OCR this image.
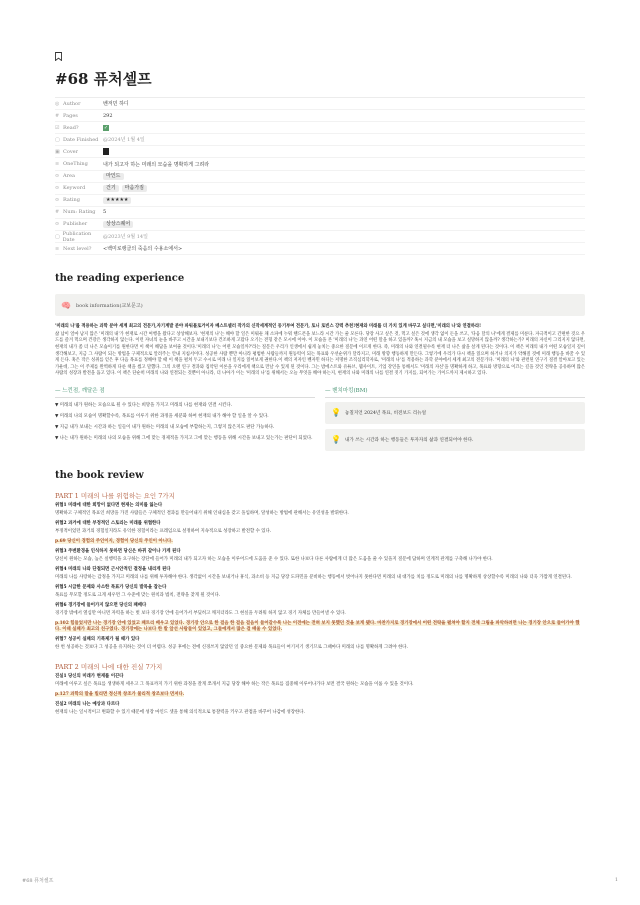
#68 퓨처셀프
◎ Author	벤저민 하디
# Pages	292
☑ Read?	✓
▢ Date Finished @2024년 1월 4일
▣ Cover
≡ OneThing	내가 되고자 하는 미래의 모습을 명확하게 그려라
⊙ Area	마인드
⊙ Keyword	건기	마음가짐
⊙ Rating	★★★★★
# Num: Rating 5
⊙ Publisher	상상스퀘어
▢ Publication Date	@2023년 9월 14일
≡ Next level? <백미로랭클의 죽음의 수용소에서>
the reading experience
🧠 book information(교보문고)
'미래의 나'를 적용하는 과학 분야 세계 최고의 전문가,자기계발 분야 파워블로거이자 베스트셀러 작가의 신작세계적인 동기부여 전문가, 토니 로빈스 강력 추천!현재와 미래를 더 가치 있게 바꾸고 싶다면,'미래의 나'와 연결하라!
삶 납이 얼마 남지 않은 '미래의 내'가 현재로 시간 여행을 왔다고 상상해보자. '현재의 나'는 해야 할 일은 미뤄둔 채 소파에 누워 핸드폰을 보느라 시간 가는 줄 모른다. 당장 사고 싶은 것, 먹고 싶은 것에 생각 없이 돈을 쓰고, '다음 달의 나'에게 결제를 미룬다. 자극적이고 간편한 것으 우드를 즐겨 먹으며 건강은 생각하지 않는다. 이런 자녀의 눈을 바꾸고 시간을 보내기보다 건조하게 고맙다 오기는 전형 같은 모시에 이야. 이 모습을 본 '미래의 나'는 과연 어떤 말을 하고 있을까? 혹시 지금의 내 모습을 보고 실망하지 않을까? 생각하는가? 미래의 자신이 그리지지 않다면, 현재의 내가 좀 더 나은 모습이기를 원한다면 이 책이 해답을 보여줄 것이다.'미래의 나'는 어떤 모습일까?'라는 질문은 우리가 인생에서 쉽게 놓치는 중요한 질문에 이르게 한다. 즉, 미래의 나와 연결될수록 현재 더 나은 삶을 살게 된다는 것이다. 이 책은 미래의 내가 어떤 모습일지 깊이 생각해보고, 지금 그 사람이 되는 방법을 구체적으로 알려주는 안내 지침서이다. 성공한 사람 뿐만 아니라 평범한 사람들까지 원동력이 되는 목표와 우선순위가 달라지고, 미래 방향 행동하게 만든다. 그렇기에 우리가 다시 책을 읽으며 하거나 의지가 약해질 것에 미래 행동을 바꿀 수 있게 든다. 혹은 작은 성취를 얻은 후 다음 목표를 정해야 할 때 이 책을 펼쳐 두고 수시로 미래 나 일지를 읽어보게 권한다.이 책의 저자인 벤자민 하디는 저명한 조직심리학자로, '미래의 나'를 적용하는 과학 분야에서 세계 최고의 전문가다. '미래의 나'와 관련된 연구기 질결 알아보고 있는 가운데, 그는 이 주제를 완벽하게 다룬 책을 썼고 말했다. 그의 오랜 연구 결과와 집약된 이론을 우리에게 책으로 만날 수 있게 된 것이다. 그는 밤에스트와 유튜브, 웹사이트, 기업 강연을 통해서도 '미래의 자신'을 명확하게 하고, 목표와 방향으로 이끄는 깊을 것인 전략을 공유하며 많은 사람의 성장과 발전을 돕고 있다. 이 책은 단순히 미래의 나와 연결되는 것뿐이 아니라, 더 나아가 이는 '미래의 나'를 위해서는 오늘 무엇을 해야 하는지, 현재의 나와 미래의 나를 연결 짓기 가지를, 되어가는 가이드까지 제시하고 있다.
— 느낀점, 깨달은 점
▼ 미래의 내가 원하는 모습으로 될 수 있다는 희망을 가지고 미래의 나를 현재와 연결 시킨다.
▼ 미래의 나의 모습이 명확할수록, 목표를 이루기 위한 과정을 세분화 하여 현재의 내가 해야 할 일을 알 수 있다.
▼ 지금 내가 보내는 시간과 하는 일들이 내가 원하는 미래의 내 모습에 부합하는지, 그렇지 않은지도 판단 가능하다.
▼ 나는 내가 원하는 미래의 나의 모습을 위해 그에 맞는 경제적을 가지고 그에 맞는 행동을 위해 시간을 보내고 있는가는 판단이 되었다.
— 벤치마킹(BM)
💡 놓칠지언 2024년 목표, 비전보드 리뉴얼
💡 내가 쓰는 시간과 하는 행동들은 투자자의 삶과 연결되어야 한다.
the book review
PART 1 미래의 나를 위험하는 요인 7가지
위협1 미래에 대한 희망이 없다면 현재는 의미를 잃는다
명확하고 구체적인 목표인 희망을 가진 사람들은 구체적인 결과를 만들어내기 위해 인내심을 갖고 돌입하며, 달성하는 방법에 관해서는 유연성을 발휘한다.
위협2 과거에 대한 부정적인 스토리는 미래를 위협한다
부정적이었던 과거의 경험일지라도 유익한 경험이라는 프레임으로 설정하여 지속적으로 성장하고 발전할 수 있다.
p.69 당신이 경험의 주인이지, 경험이 당신의 주인이 아니다.
위협3 주변환경을 인식하지 못하면 당신은 바뀌 갈이나 가게 된다
당신이 원하는 모습, 높은 실행력을 요구하는 장단에 들어가 미래의 내가 되고자 하는 모습을 이루어드에 도움을 준 수 있다. 또한 나보다 다른 사람에게 더 많은 도움을 줄 수 있을지 질문에 답하며 연계적 관계를 구축해 나가야 한다.
위협4 미래의 나와 단절되면 근시안적인 결정을 내리게 된다
미래의 나를 사랑하는 감정을 가지고 미래의 나를 위해 투자해야 한다. 생각없이 시간을 보내거나 휴식, 과소비 등 지금 당장 도파민을 분비하는 행동에서 벗어나지 못한다면 미래의 내 대가를 치를 정도로 미래의 나를 명확하게 상상할수록 미래의 나와 더욱 가깝게 연결된다.
위협5 시급한 문제와 사소한 목표가 당신의 발목을 잡는다
목표를 무모할 정도로 크게 세우면 그 수준에 맞는 원칙과 법칙, 전략을 찾게 될 것이다.
위협6 경기장에 들어가지 않으면 당신의 패배다
경기장 밖에서 열심만 아니면 자력을 하는 벗 보다 경기장 안에 들어가서 부딪히고 깨지더라도 그 현실을 두려워 하지 않고 경기 자체를 만들어낼 수 있다.
p.102 힘들었지만 나는 경기장 안에 있었고 패트리 배우고 있었다. 경기장 안으로 한 걸음 한 걸음 걸음이 들어갈수록 나는 이전에는 전혀 보지 못했던 것을 보게 됐다. 마찬가지로 경기장에서 어떤 전략을 펼쳐야 할지 전체 그림을 파악하려면 나는 경기장 안으로 들어가야 했다. 이때 실패가 최고의 친구였다. 경기장에는 나보다 한 발 앞선 사람들이 있었고, 그들에게서 많은 걸 배울 수 있었다.
위협7 성공이 실패의 기폭제가 될 때가 있다
한 번 성공하는 것보다 그 성공을 유지하는 것이 더 어렵다. 성공 후에는 전에 신경쓰지 않았던 일 중요한 문제와 목표들이 여기저기 생기므로 그때마다 미래의 나를 명확하게 그려야 한다.
PART 2 미래의 나에 대한 진실 7가지
진실1 당신의 미래가 현재를 이끈다
미래에 이루고 싶은 목표를 생생하게 세우고 그 목표까지 가기 위한 과정을 잘게 쪼개서 지금 당장 해야 하는 작은 목표를 집중해 이루어나가다 보면 결국 원하는 모습을 이룰 수 있을 것이다.
p.127 과학의 말을 빌리면 정신적 창조가 물리적 창조보다 먼저다.
진실2 미래의 나는 예상과 다르다
현재의 나는 일시적이고 변화할 수 있기 때문에 성장 마인드 셋을 통해 의식적으로 통찰력을 키우고 관점을 바꾸어 나감에 성장한다.
#68 퓨처셀프	1
